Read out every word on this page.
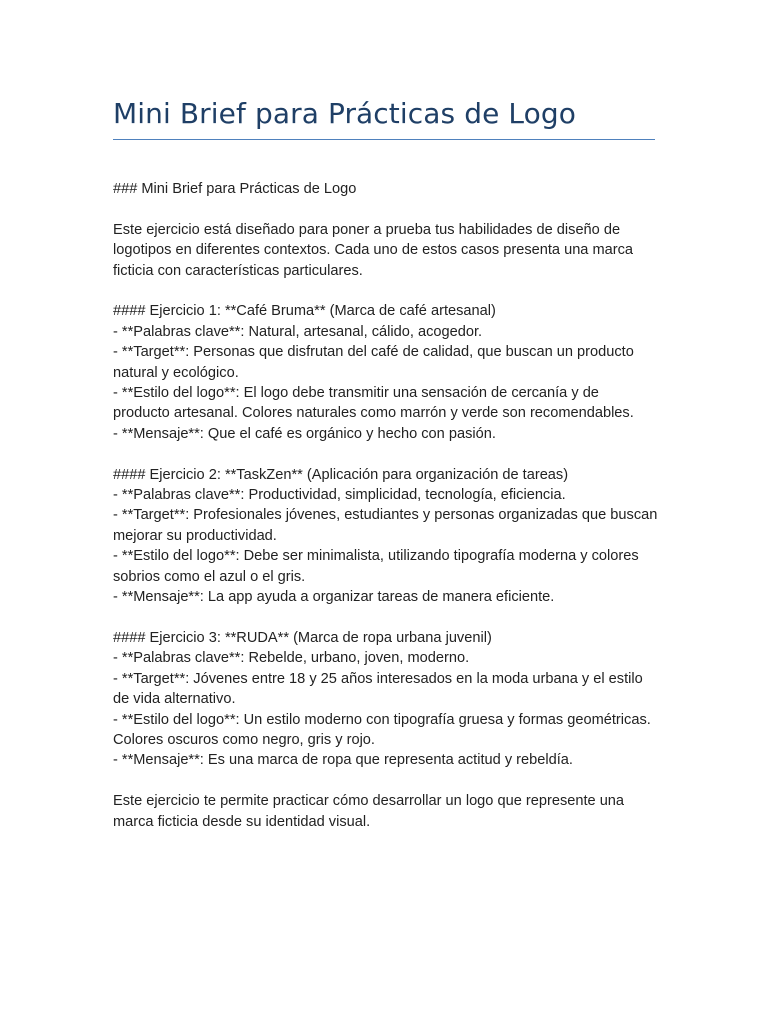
Mini Brief para Prácticas de Logo

### Mini Brief para Prácticas de Logo

Este ejercicio está diseñado para poner a prueba tus habilidades de diseño de logotipos en diferentes contextos. Cada uno de estos casos presenta una marca ficticia con características particulares.

#### Ejercicio 1: **Café Bruma** (Marca de café artesanal)
- **Palabras clave**: Natural, artesanal, cálido, acogedor.
- **Target**: Personas que disfrutan del café de calidad, que buscan un producto natural y ecológico.
- **Estilo del logo**: El logo debe transmitir una sensación de cercanía y de producto artesanal. Colores naturales como marrón y verde son recomendables.
- **Mensaje**: Que el café es orgánico y hecho con pasión.

#### Ejercicio 2: **TaskZen** (Aplicación para organización de tareas)
- **Palabras clave**: Productividad, simplicidad, tecnología, eficiencia.
- **Target**: Profesionales jóvenes, estudiantes y personas organizadas que buscan mejorar su productividad.
- **Estilo del logo**: Debe ser minimalista, utilizando tipografía moderna y colores sobrios como el azul o el gris.
- **Mensaje**: La app ayuda a organizar tareas de manera eficiente.

#### Ejercicio 3: **RUDA** (Marca de ropa urbana juvenil)
- **Palabras clave**: Rebelde, urbano, joven, moderno.
- **Target**: Jóvenes entre 18 y 25 años interesados en la moda urbana y el estilo de vida alternativo.
- **Estilo del logo**: Un estilo moderno con tipografía gruesa y formas geométricas. Colores oscuros como negro, gris y rojo.
- **Mensaje**: Es una marca de ropa que representa actitud y rebeldía.

Este ejercicio te permite practicar cómo desarrollar un logo que represente una marca ficticia desde su identidad visual.
